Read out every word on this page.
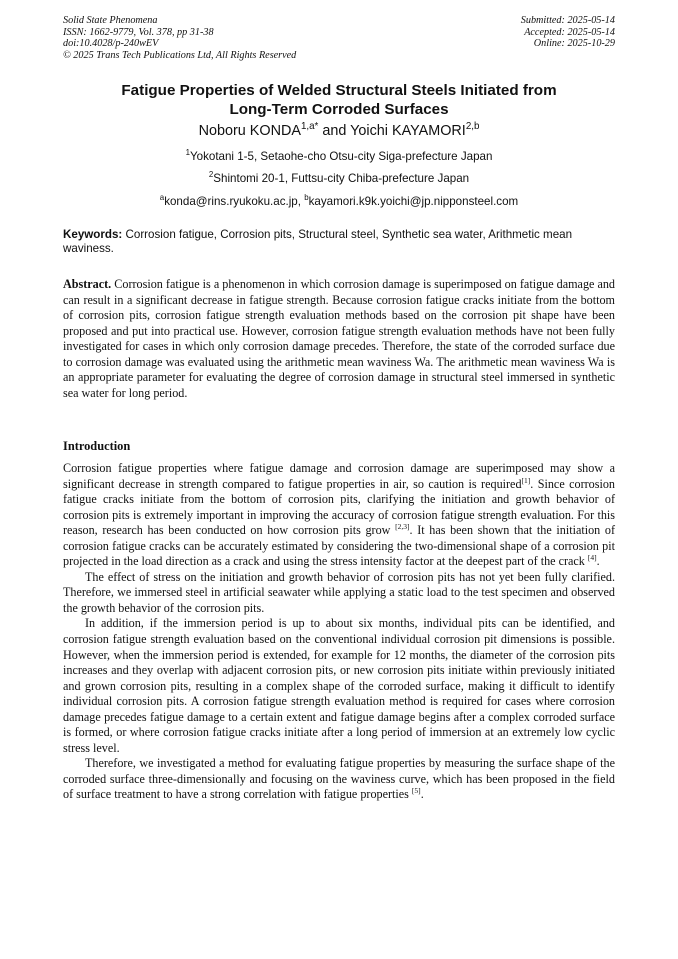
Solid State Phenomena
ISSN: 1662-9779, Vol. 378, pp 31-38
doi:10.4028/p-240wEV
© 2025 Trans Tech Publications Ltd, All Rights Reserved
Submitted: 2025-05-14
Accepted: 2025-05-14
Online: 2025-10-29
Fatigue Properties of Welded Structural Steels Initiated from
Long-Term Corroded Surfaces
Noboru $KONDA^{1,a*}$ and Yoichi KAYAMORI$^{2,b}$
$^1$Yokotani 1-5, Setaohe-cho Otsu-city Siga-prefecture Japan
$^2$Shintomi 20-1, Futtsu-city Chiba-prefecture Japan
$^a$konda@rins.ryukoku.ac.jp, $^b$kayamori.k9k.yoichi@jp.nipponsteel.com
Keywords: Corrosion fatigue, Corrosion pits, Structural steel, Synthetic sea water, Arithmetic mean waviness.
Abstract. Corrosion fatigue is a phenomenon in which corrosion damage is superimposed on fatigue damage and can result in a significant decrease in fatigue strength. Because corrosion fatigue cracks initiate from the bottom of corrosion pits, corrosion fatigue strength evaluation methods based on the corrosion pit shape have been proposed and put into practical use. However, corrosion fatigue strength evaluation methods have not been fully investigated for cases in which only corrosion damage precedes. Therefore, the state of the corroded surface due to corrosion damage was evaluated using the arithmetic mean waviness Wa. The arithmetic mean waviness Wa is an appropriate parameter for evaluating the degree of corrosion damage in structural steel immersed in synthetic sea water for long period.
Introduction

Corrosion fatigue properties where fatigue damage and corrosion damage are superimposed may show a significant decrease in strength compared to fatigue properties in air, so caution is required[1]. Since corrosion fatigue cracks initiate from the bottom of corrosion pits, clarifying the initiation and growth behavior of corrosion pits is extremely important in improving the accuracy of corrosion fatigue strength evaluation. For this reason, research has been conducted on how corrosion pits grow [2,3]. It has been shown that the initiation of corrosion fatigue cracks can be accurately estimated by considering the two-dimensional shape of a corrosion pit projected in the load direction as a crack and using the stress intensity factor at the deepest part of the crack [4].

The effect of stress on the initiation and growth behavior of corrosion pits has not yet been fully clarified. Therefore, we immersed steel in artificial seawater while applying a static load to the test specimen and observed the growth behavior of the corrosion pits.

In addition, if the immersion period is up to about six months, individual pits can be identified, and corrosion fatigue strength evaluation based on the conventional individual corrosion pit dimensions is possible. However, when the immersion period is extended, for example for 12 months, the diameter of the corrosion pits increases and they overlap with adjacent corrosion pits, or new corrosion pits initiate within previously initiated and grown corrosion pits, resulting in a complex shape of the corroded surface, making it difficult to identify individual corrosion pits. A corrosion fatigue strength evaluation method is required for cases where corrosion damage precedes fatigue damage to a certain extent and fatigue damage begins after a complex corroded surface is formed, or where corrosion fatigue cracks initiate after a long period of immersion at an extremely low cyclic stress level.

Therefore, we investigated a method for evaluating fatigue properties by measuring the surface shape of the corroded surface three-dimensionally and focusing on the waviness curve, which has been proposed in the field of surface treatment to have a strong correlation with fatigue properties [5].
